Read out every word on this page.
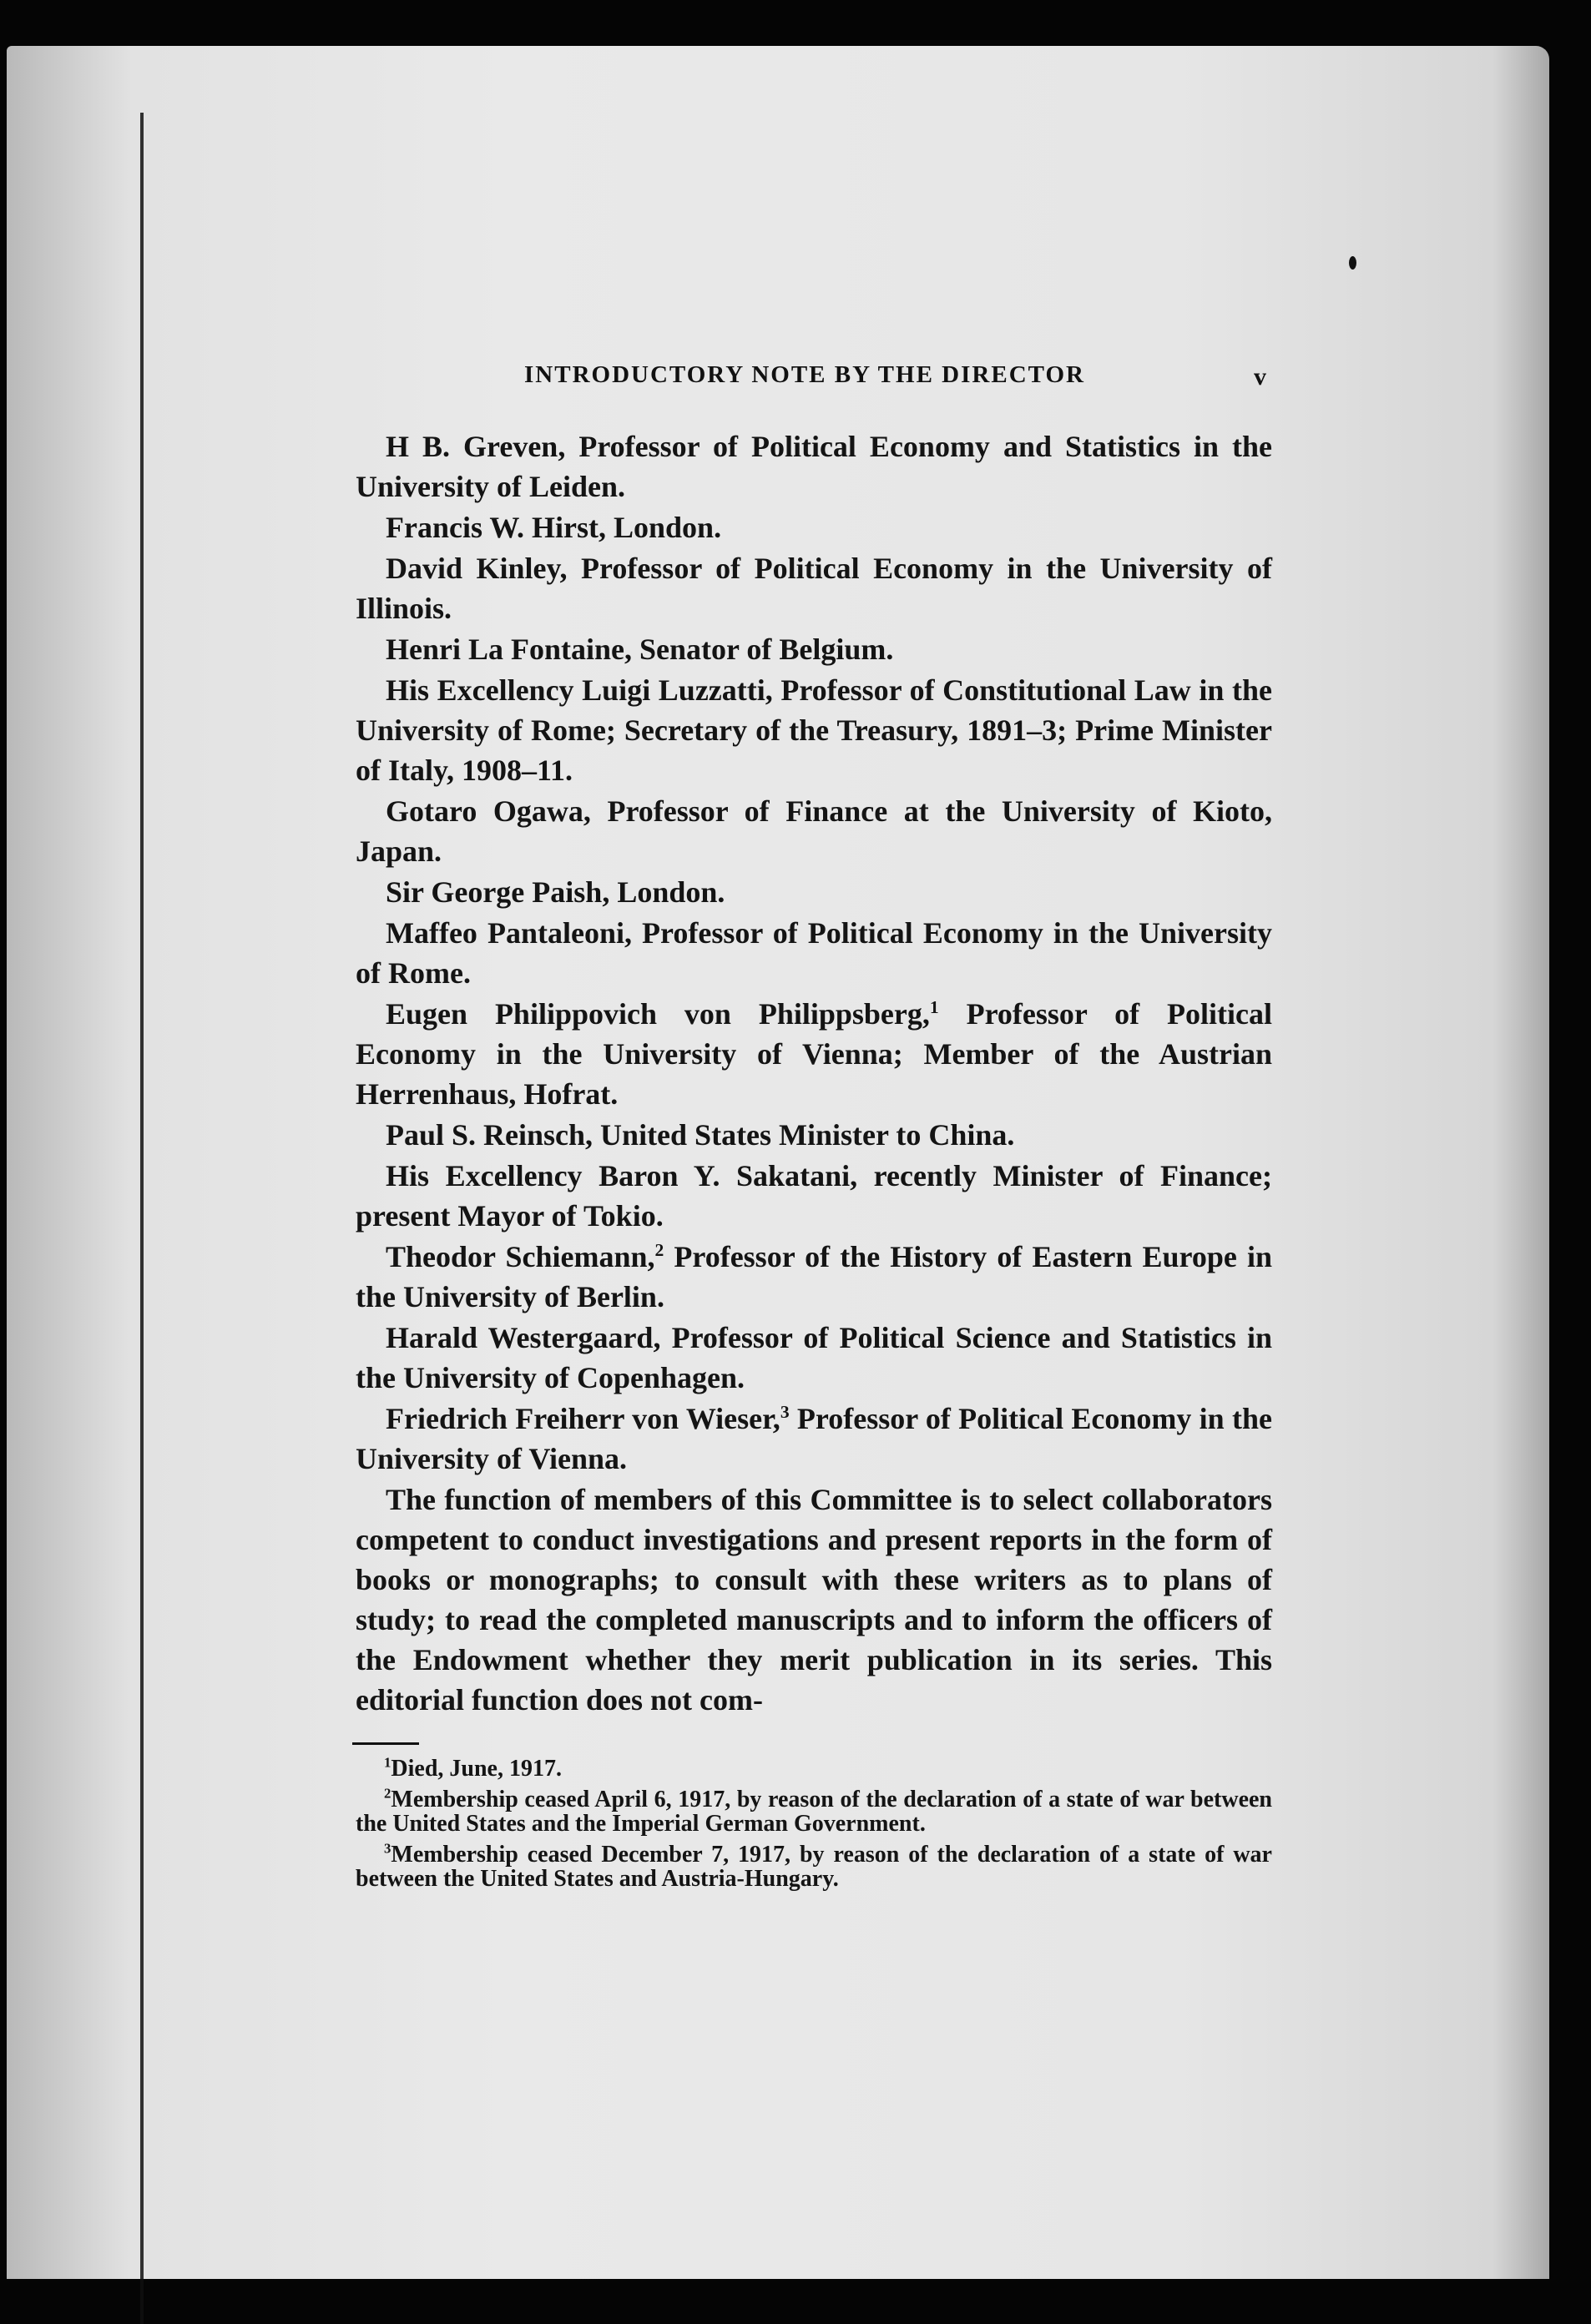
INTRODUCTORY NOTE BY THE DIRECTOR	v

H B. Greven, Professor of Political Economy and Statistics in the University of Leiden.

Francis W. Hirst, London.

David Kinley, Professor of Political Economy in the University of Illinois.

Henri La Fontaine, Senator of Belgium.

His Excellency Luigi Luzzatti, Professor of Constitutional Law in the University of Rome; Secretary of the Treasury, 1891–3; Prime Minister of Italy, 1908–11.

Gotaro Ogawa, Professor of Finance at the University of Kioto, Japan.

Sir George Paish, London.

Maffeo Pantaleoni, Professor of Political Economy in the University of Rome.

Eugen Philippovich von Philippsberg,$^1$ Professor of Political Economy in the University of Vienna; Member of the Austrian Herrenhaus, Hofrat.

Paul S. Reinsch, United States Minister to China.

His Excellency Baron Y. Sakatani, recently Minister of Finance; present Mayor of Tokio.

Theodor Schiemann,$^2$ Professor of the History of Eastern Europe in the University of Berlin.

Harald Westergaard, Professor of Political Science and Statistics in the University of Copenhagen.

Friedrich Freiherr von Wieser,$^3$ Professor of Political Economy in the University of Vienna.

The function of members of this Committee is to select collaborators competent to conduct investigations and present reports in the form of books or monographs; to consult with these writers as to plans of study; to read the completed manuscripts and to inform the officers of the Endowment whether they merit publication in its series. This editorial function does not com-

$^1$Died, June, 1917.

$^2$Membership ceased April 6, 1917, by reason of the declaration of a state of war between the United States and the Imperial German Government.

$^3$Membership ceased December 7, 1917, by reason of the declaration of a state of war between the United States and Austria-Hungary.
